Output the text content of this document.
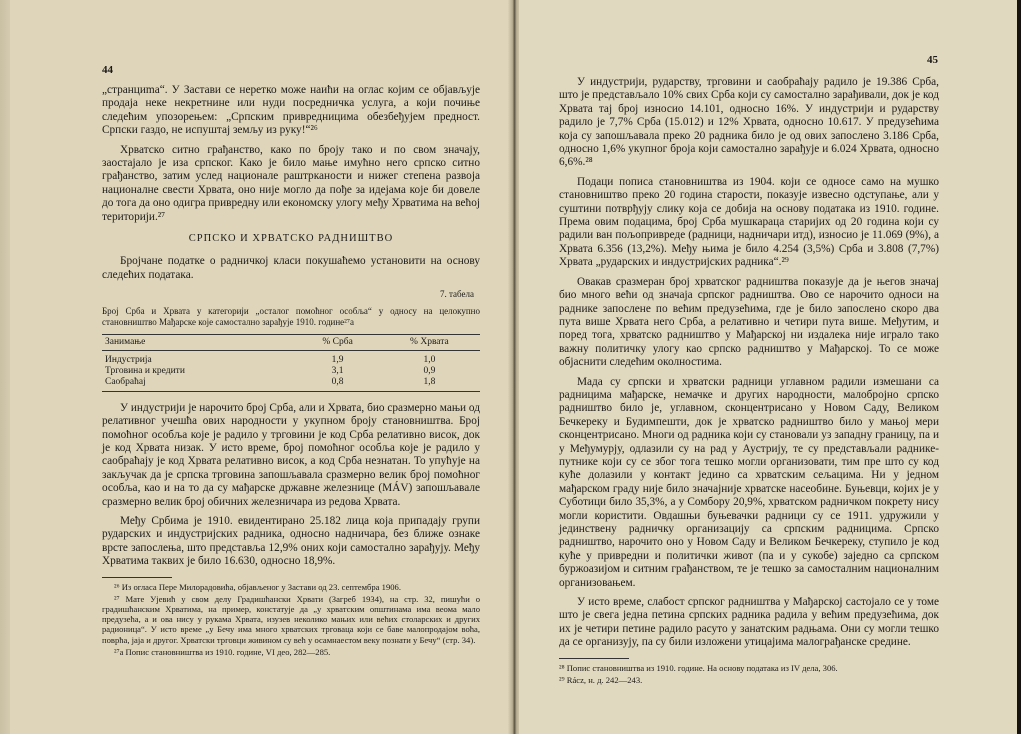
44

„странциma“. У Застави се нерeтко може наићи на оглас којим се објављује продаја неке некретнине или нуди посредничка услуга, а који почиње следећим упозорењем: „Српским привредницима обезбеђујем предност. Српски газдо, не испуштај земљу из руку!“²⁶

Хрватско ситно грађанство, како по броју тако и по свом значају, заостајало је иза српског. Како је било мање имућно него српско ситно грађанство, затим услед национале раштрканости и нижег степена развоја националне свести Хрвата, оно није могло да пође за идејама које би довеле до тога да оно одигра привредну или економску улогу међу Хрватима на већој територији.²⁷

СРПСКО И ХРВАТСКО РАДНИШТВО

Бројчане податке о радничкој класи покушаћемо установити на основу следећих података.

7. табела
Број Срба и Хрвата у категорији „осталог помоћног особља“ у односу на целокупно становништво Мађарске које самостално зарађује 1910. године²⁷а
Занимање	% Срба	% Хрвата
Индустрија	1,9	1,0
Трговина и кредити	3,1	0,9
Саобраћај	0,8	1,8

У индустрији је нарочито број Срба, али и Хрвата, био сразмерно мањи од релативног учешћа ових народности у укупном броју становништва. Број помоћног особља које је радило у трговини је код Срба релативно висок, док је код Хрвата низак. У исто време, број помоћног особља које је радило у саобраћају је код Хрвата релативно висок, а код Срба незнатан. То упућује на закључак да је српска трговина запошљавала сразмерно велик број помоћног особља, као и на то да су мађарске државне железнице (MÁV) запошљавале сразмерно велик број обичних железничара из редова Хрвата.

Међу Србима је 1910. евидентирано 25.182 лица која припадају групи рударских и индустријских радника, односно надничара, без ближе ознаке врсте запослења, што представља 12,9% оних који самостално зарађују. Међу Хрватима таквих је било 16.630, односно 18,9%.

²⁶ Из огласа Пере Милорадовића, објављеног у Застави од 23. септембра 1906.
²⁷ Мате Ујевић у свом делу Градишћански Хрвати (Загреб 1934), на стр. 32, пишући о градишћанским Хрватима, на пример, констатује да „у хрватским општинама има веома мало предузећа, а и ова нису у рукама Хрвата, изузев неколико мањих или већих столарских и других радионица“. У исто време „у Бечу има много хрватских трговаца који се баве малопродајом воћа, поврћа, јаја и другог. Хрватски трговци живином су већ у осамнаестом веку познати у Бечу“ (стр. 34).
²⁷а Попис становништва из 1910. године, VI део, 282—285.
45

У индустрији, рударству, трговини и саобраћају радило је 19.386 Срба, што је представљало 10% свих Срба који су самостално зарађивали, док је код Хрвата тај број износио 14.101, односно 16%. У индустрији и рударству радило је 7,7% Срба (15.012) и 12% Хрвата, односно 10.617. У предузећима која су запошљавала преко 20 радника било је од ових запослено 3.186 Срба, односно 1,6% укупног броја који самостално зарађује и 6.024 Хрвата, односно 6,6%.²⁸

Подаци пописа становништва из 1904. који се односе само на мушко становништво преко 20 година старости, показује извесно одступање, али у суштини потврђују слику која се добија на основу података из 1910. године. Према овим подацима, број Срба мушкараца старијих од 20 година који су радили ван пољопривреде (радници, надничари итд), износио је 11.069 (9%), а Хрвата 6.356 (13,2%). Међу њима је било 4.254 (3,5%) Срба и 3.808 (7,7%) Хрвата „рударских и индустријских радника“.²⁹

Овакав сразмеран број хрватског радништва показује да је његов значај био много већи од значаја српског радништва. Ово се нарочито односи на раднике запослене по већим предузећима, где је било запослено скоро два пута више Хрвата него Срба, а релативно и четири пута више. Међутим, и поред тога, хрватско радништво у Мађарској ни издалека није играло тако важну политичку улогу као српско радништво у Мађарској. То се може објаснити следећим околностима.

Мада су српски и хрватски радници углавном радили измешани са радницима мађарске, немачке и других народности, малобројно српско радништво било је, углавном, сконцентрисано у Новом Саду, Великом Бечкереку и Будимпешти, док је хрватско радништво било у мањој мери сконцентрисано. Многи од радника који су становали уз западну границу, па и у Међумурју, одлазили су на рад у Аустрију, те су представљали раднике-путнике који су се због тога тешко могли организовати, тим пре што су код куће долазили у контакт једино са хрватским сељацима. Ни у једном мађарском граду није било значајније хрватске насеобине. Буњевци, којих је у Суботици било 35,3%, а у Сомбору 20,9%, хрватском радничком покрету нису могли користити. Овдашњи буњевачки радници су се 1911. удружили у јединствену радничку организацију са српским радницима. Српско радништво, нарочито оно у Новом Саду и Великом Бечкереку, ступило је код куће у привредни и политички живот (па и у сукобе) заједно са српском буржоазијом и ситним грађанством, те је тешко за самосталним националним организовањем.

У исто време, слабост српског радништва у Мађарској састојало се у томе што је свега једна петина српских радника радила у већим предузећима, док их је четири петине радило расуто у занатским радњама. Они су могли тешко да се организују, па су били изложени утицајима малограђанске средине.

²⁸ Попис становништва из 1910. године. На основу података из IV дела, 306.
²⁹ Rácz, н. д. 242—243.
